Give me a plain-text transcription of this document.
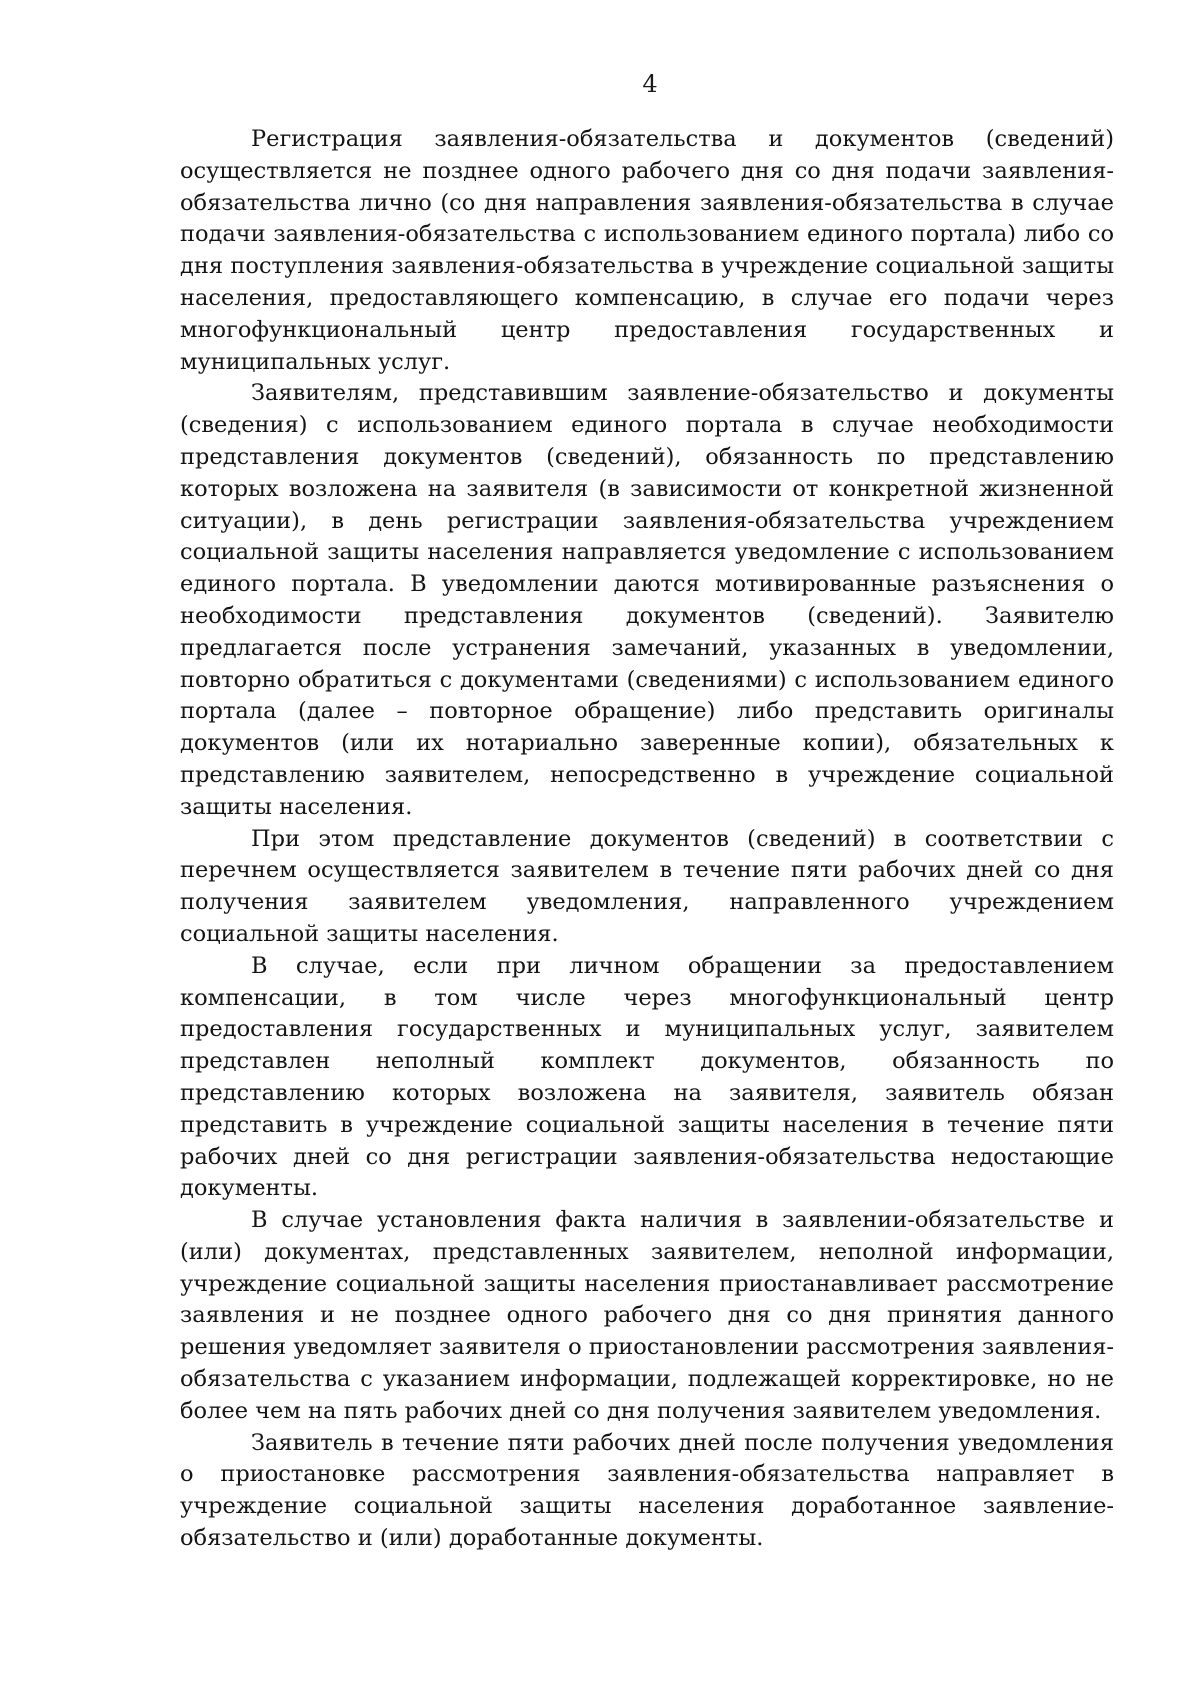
4

Регистрация заявления-обязательства и документов (сведений) осуществляется не позднее одного рабочего дня со дня подачи заявления-обязательства лично (со дня направления заявления-обязательства в случае подачи заявления-обязательства с использованием единого портала) либо со дня поступления заявления-обязательства в учреждение социальной защиты населения, предоставляющего компенсацию, в случае его подачи через многофункциональный центр предоставления государственных и муниципальных услуг.

Заявителям, представившим заявление-обязательство и документы (сведения) с использованием единого портала в случае необходимости представления документов (сведений), обязанность по представлению которых возложена на заявителя (в зависимости от конкретной жизненной ситуации), в день регистрации заявления-обязательства учреждением социальной защиты населения направляется уведомление с использованием единого портала. В уведомлении даются мотивированные разъяснения о необходимости представления документов (сведений). Заявителю предлагается после устранения замечаний, указанных в уведомлении, повторно обратиться с документами (сведениями) с использованием единого портала (далее – повторное обращение) либо представить оригиналы документов (или их нотариально заверенные копии), обязательных к представлению заявителем, непосредственно в учреждение социальной защиты населения.

При этом представление документов (сведений) в соответствии с перечнем осуществляется заявителем в течение пяти рабочих дней со дня получения заявителем уведомления, направленного учреждением социальной защиты населения.

В случае, если при личном обращении за предоставлением компенсации, в том числе через многофункциональный центр предоставления государственных и муниципальных услуг, заявителем представлен неполный комплект документов, обязанность по представлению которых возложена на заявителя, заявитель обязан представить в учреждение социальной защиты населения в течение пяти рабочих дней со дня регистрации заявления-обязательства недостающие документы.

В случае установления факта наличия в заявлении-обязательстве и (или) документах, представленных заявителем, неполной информации, учреждение социальной защиты населения приостанавливает рассмотрение заявления и не позднее одного рабочего дня со дня принятия данного решения уведомляет заявителя о приостановлении рассмотрения заявления-обязательства с указанием информации, подлежащей корректировке, но не более чем на пять рабочих дней со дня получения заявителем уведомления.

Заявитель в течение пяти рабочих дней после получения уведомления о приостановке рассмотрения заявления-обязательства направляет в учреждение социальной защиты населения доработанное заявление-обязательство и (или) доработанные документы.
